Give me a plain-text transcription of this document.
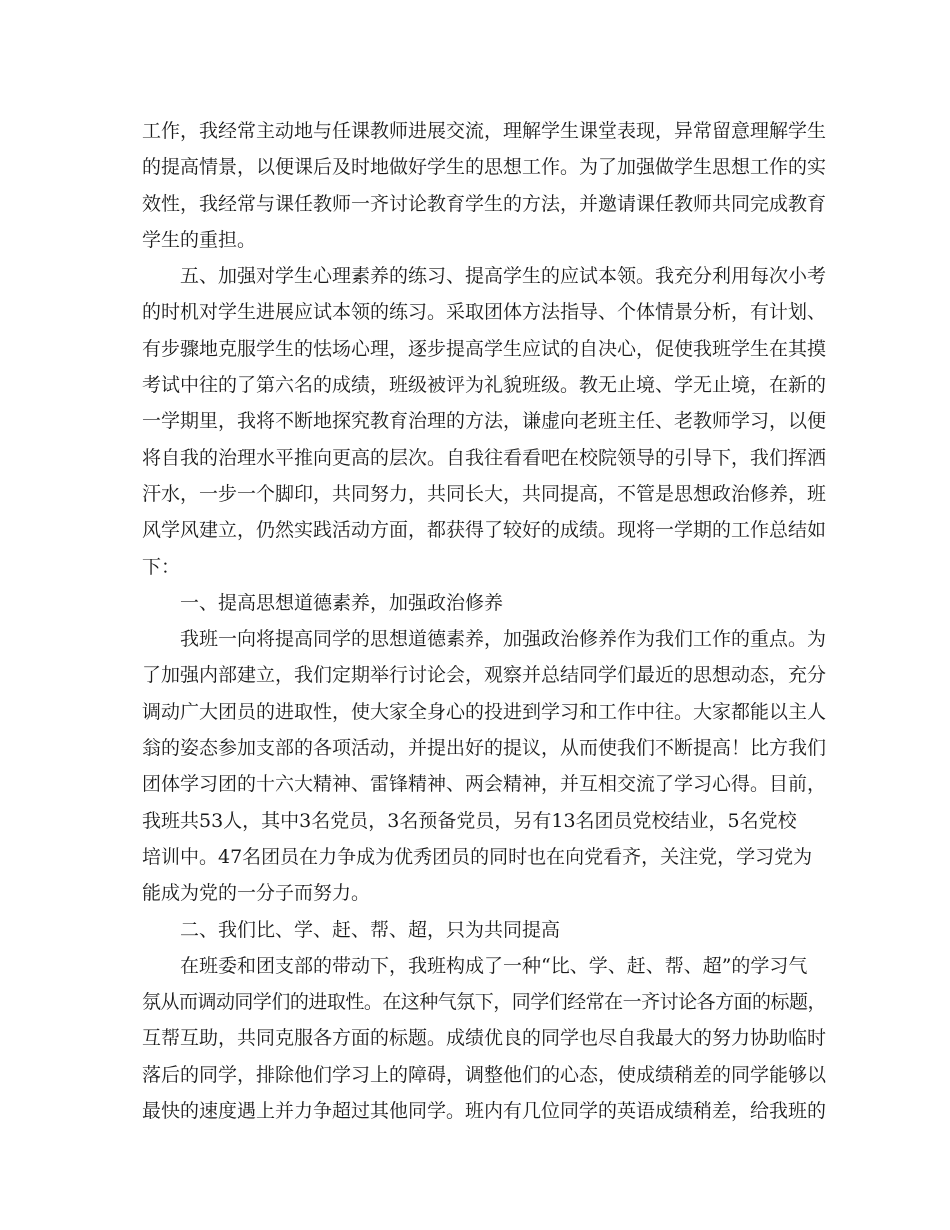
工作，我经常主动地与任课教师进展交流，理解学生课堂表现，异常留意理解学生
的提高情景，以便课后及时地做好学生的思想工作。为了加强做学生思想工作的实
效性，我经常与课任教师一齐讨论教育学生的方法，并邀请课任教师共同完成教育
学生的重担。
　　五、加强对学生心理素养的练习、提高学生的应试本领。我充分利用每次小考
的时机对学生进展应试本领的练习。采取团体方法指导、个体情景分析，有计划、
有步骤地克服学生的怯场心理，逐步提高学生应试的自决心，促使我班学生在其摸
考试中往的了第六名的成绩，班级被评为礼貌班级。教无止境、学无止境，在新的
一学期里，我将不断地探究教育治理的方法，谦虚向老班主任、老教师学习，以便
将自我的治理水平推向更高的层次。自我往看看吧在校院领导的引导下，我们挥洒
汗水，一步一个脚印，共同努力，共同长大，共同提高，不管是思想政治修养，班
风学风建立，仍然实践活动方面，都获得了较好的成绩。现将一学期的工作总结如
下：
　　一、提高思想道德素养，加强政治修养
　　我班一向将提高同学的思想道德素养，加强政治修养作为我们工作的重点。为
了加强内部建立，我们定期举行讨论会，观察并总结同学们最近的思想动态，充分
调动广大团员的进取性，使大家全身心的投进到学习和工作中往。大家都能以主人
翁的姿态参加支部的各项活动，并提出好的提议，从而使我们不断提高！比方我们
团体学习团的十六大精神、雷锋精神、两会精神，并互相交流了学习心得。目前，
我班共53人，其中3名党员，3名预备党员，另有13名团员党校结业，5名党校
培训中。47名团员在力争成为优秀团员的同时也在向党看齐，关注党，学习党为
能成为党的一分子而努力。
　　二、我们比、学、赶、帮、超，只为共同提高
　　在班委和团支部的带动下，我班构成了一种“比、学、赶、帮、超”的学习气
氛从而调动同学们的进取性。在这种气氛下，同学们经常在一齐讨论各方面的标题，
互帮互助，共同克服各方面的标题。成绩优良的同学也尽自我最大的努力协助临时
落后的同学，排除他们学习上的障碍，调整他们的心态，使成绩稍差的同学能够以
最快的速度遇上并力争超过其他同学。班内有几位同学的英语成绩稍差，给我班的
